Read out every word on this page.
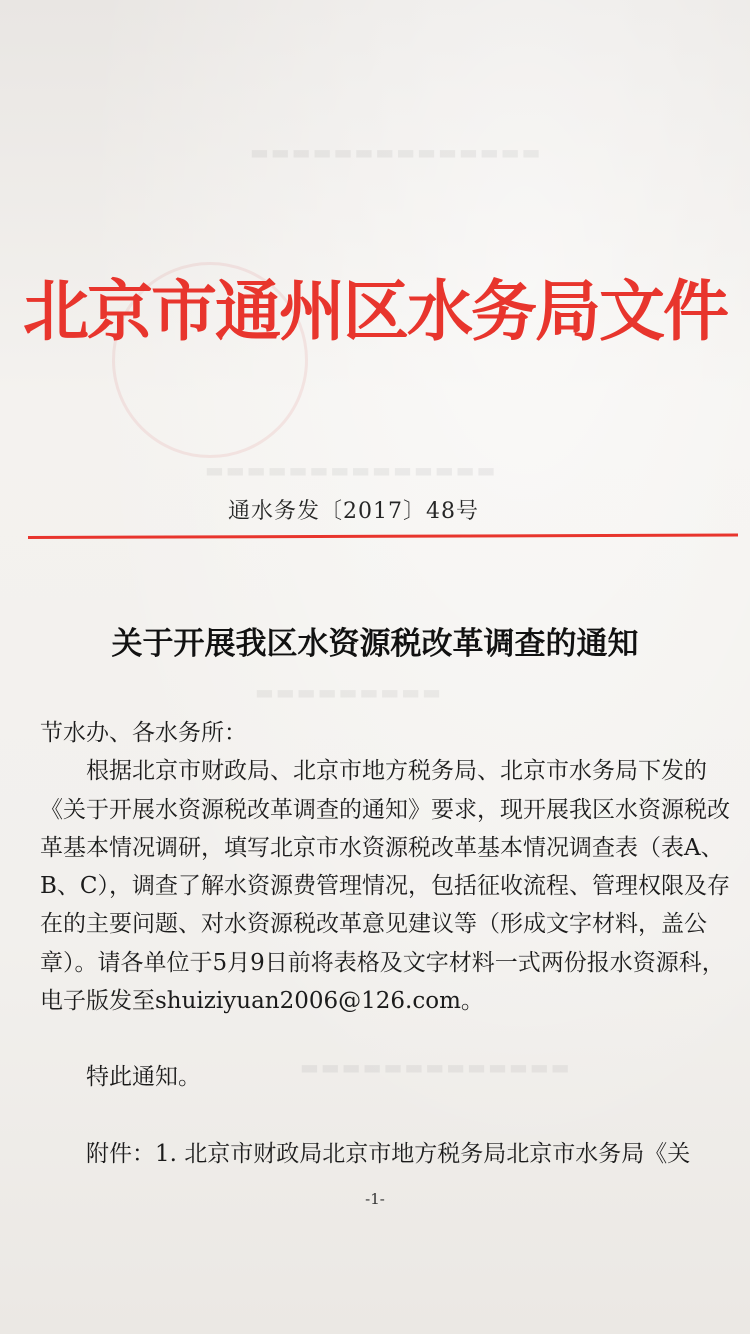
▬▬▬▬▬▬▬▬▬▬▬▬▬▬
▬▬▬▬▬▬▬▬▬▬▬▬▬▬
▬▬▬▬▬▬▬▬▬
▬▬▬▬▬▬▬▬▬▬▬▬▬
北京市通州区水务局文件
通水务发〔2017〕48号
关于开展我区水资源税改革调查的通知

节水办、各水务所：

根据北京市财政局、北京市地方税务局、北京市水务局下发的《关于开展水资源税改革调查的通知》要求，现开展我区水资源税改革基本情况调研，填写北京市水资源税改革基本情况调查表（表A、B、C），调查了解水资源费管理情况，包括征收流程、管理权限及存在的主要问题、对水资源税改革意见建议等（形成文字材料，盖公章）。请各单位于5月9日前将表格及文字材料一式两份报水资源科，电子版发至shuiziyuan2006@126.com。

特此通知。

附件：1. 北京市财政局北京市地方税务局北京市水务局《关

-1-
